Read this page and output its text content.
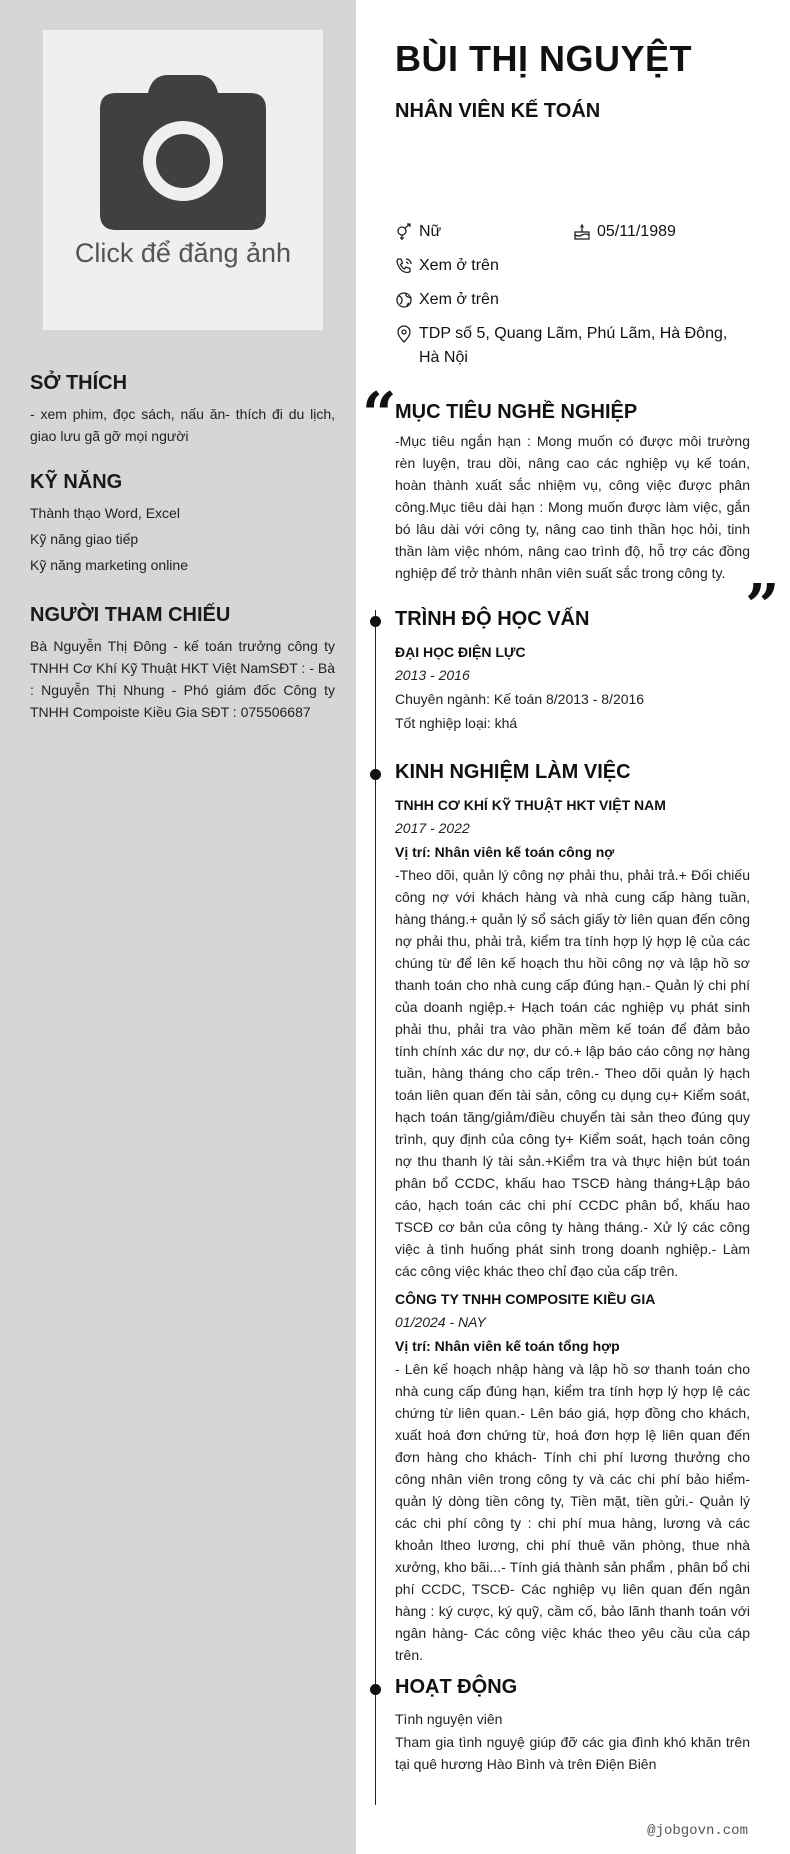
Click để đăng ảnh
SỞ THÍCH
- xem phim, đọc sách, nấu ăn- thích đi du lịch, giao lưu gã gỡ mọi người
KỸ NĂNG
Thành thạo Word, Excel
Kỹ năng giao tiếp
Kỹ năng marketing online
NGƯỜI THAM CHIẾU
Bà Nguyễn Thị Đông - kế toán trưởng công ty TNHH Cơ Khí Kỹ Thuật HKT Việt NamSĐT : - Bà : Nguyễn Thị Nhung - Phó giám đốc Công ty TNHH Compoiste Kiều Gia SĐT : 075506687
BÙI THỊ NGUYỆT
NHÂN VIÊN KẾ TOÁN
Nữ	05/11/1989
Xem ở trên
Xem ở trên
TDP số 5, Quang Lãm, Phú Lãm, Hà Đông, Hà Nội
“
MỤC TIÊU NGHỀ NGHIỆP
-Mục tiêu ngắn hạn : Mong muốn có được môi trường rèn luyện, trau dồi, nâng cao các nghiệp vụ kế toán, hoàn thành xuất sắc nhiệm vụ, công việc được phân công.Mục tiêu dài hạn : Mong muốn được làm việc, gắn bó lâu dài với công ty, nâng cao tinh thần học hỏi, tinh thần làm việc nhóm, nâng cao trình độ, hỗ trợ các đồng nghiệp để trở thành nhân viên suất sắc trong công ty. ”
TRÌNH ĐỘ HỌC VẤN
ĐẠI HỌC ĐIỆN LỰC
2013 - 2016
Chuyên ngành: Kế toán 8/2013 - 8/2016
Tốt nghiệp loại: khá
KINH NGHIỆM LÀM VIỆC
TNHH CƠ KHÍ KỸ THUẬT HKT VIỆT NAM
2017 - 2022
Vị trí: Nhân viên kế toán công nợ
-Theo dõi, quản lý công nợ phải thu, phải trả.+ Đối chiếu công nợ với khách hàng và nhà cung cấp hàng tuần, hàng tháng.+ quản lý sổ sách giấy tờ liên quan đến công nợ phải thu, phải trả, kiểm tra tính hợp lý hợp lệ của các chúng từ để lên kế hoạch thu hồi công nợ và lập hồ sơ thanh toán cho nhà cung cấp đúng hạn.- Quản lý chi phí của doanh ngiệp.+ Hạch toán các nghiệp vụ phát sinh phải thu, phải tra vào phần mềm kế toán để đảm bảo tính chính xác dư nợ, dư có.+ lập báo cáo công nợ hàng tuần, hàng tháng cho cấp trên.- Theo dõi quản lý hạch toán liên quan đến tài sản, công cụ dụng cụ+ Kiểm soát, hạch toán tăng/giảm/điều chuyển tài sản theo đúng quy trình, quy định của công ty+ Kiểm soát, hạch toán công nợ thu thanh lý tài sản.+Kiểm tra và thực hiện bút toán phân bổ CCDC, khấu hao TSCĐ hàng tháng+Lập báo cáo, hạch toán các chi phí CCDC phân bổ, khấu hao TSCĐ cơ bản của công ty hàng tháng.- Xử lý các công việc à tình huống phát sinh trong doanh nghiệp.- Làm các công việc khác theo chỉ đạo của cấp trên.
CÔNG TY TNHH COMPOSITE KIỀU GIA
01/2024 - NAY
Vị trí: Nhân viên kế toán tổng hợp
- Lên kế hoạch nhập hàng và lập hồ sơ thanh toán cho nhà cung cấp đúng hạn, kiểm tra tính hợp lý hợp lệ các chứng từ liên quan.- Lên báo giá, hợp đồng cho khách, xuất hoá đơn chứng từ, hoá đơn hợp lệ liên quan đến đơn hàng cho khách- Tính chi phí lương thưởng cho công nhân viên trong công ty và các chi phí bảo hiểm-quản lý dòng tiền công ty, Tiền mặt, tiền gửi.- Quản lý các chi phí công ty : chi phí mua hàng, lương và các khoản ltheo lương, chi phí thuê văn phòng, thue nhà xưởng, kho bãi...- Tính giá thành sản phẩm , phân bổ chi phí CCDC, TSCĐ- Các nghiệp vụ liên quan đến ngân hàng : ký cược, ký quỹ, cầm cố, bảo lãnh thanh toán với ngân hàng- Các công việc khác theo yêu cầu của cáp trên.
HOẠT ĐỘNG
Tình nguyện viên
Tham gia tình nguyệ giúp đỡ các gia đình khó khăn trên tại quê hương Hào Bình và trên Điện Biên
@jobgovn.com
